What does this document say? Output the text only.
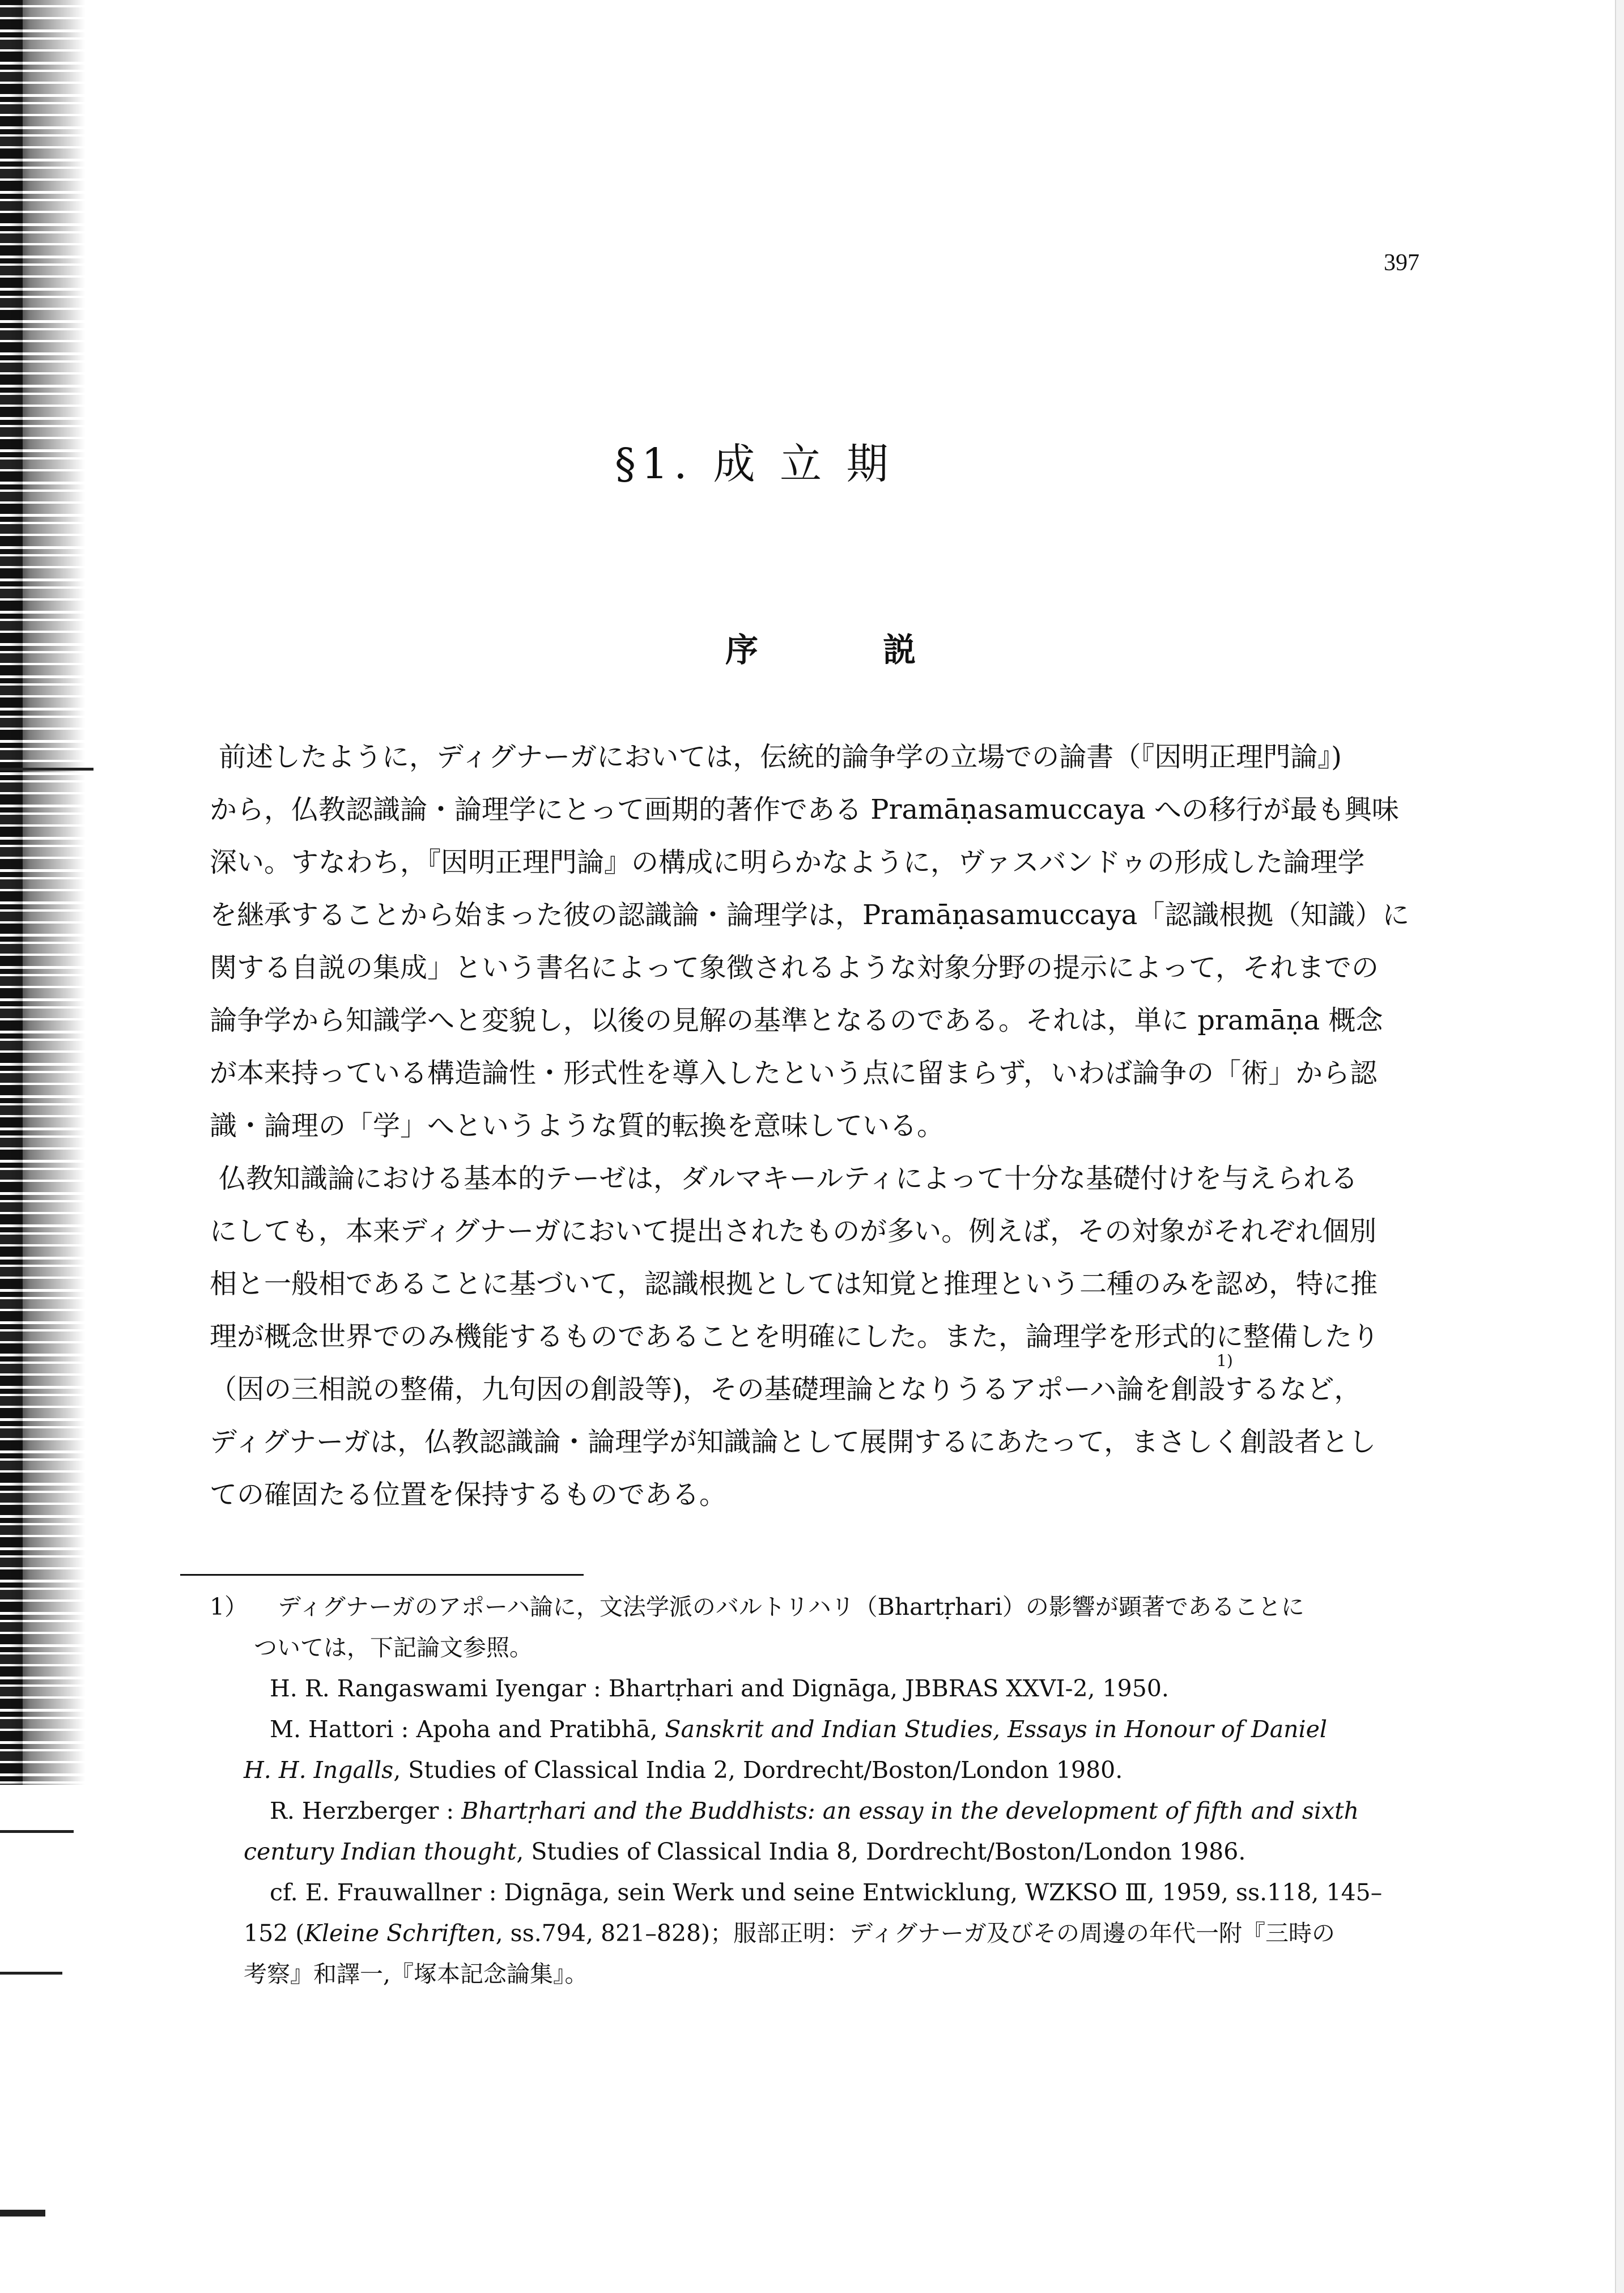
397
§1. 成 立 期
序 説
前述したように，ディグナーガにおいては，伝統的論争学の立場での論書（『因明正理門論』)
から，仏教認識論・論理学にとって画期的著作である Pramāṇasamuccaya への移行が最も興味
深い。すなわち，『因明正理門論』の構成に明らかなように，ヴァスバンドゥの形成した論理学
を継承することから始まった彼の認識論・論理学は，Pramāṇasamuccaya「認識根拠（知識）に
関する自説の集成」という書名によって象徴されるような対象分野の提示によって，それまでの
論争学から知識学へと変貌し，以後の見解の基準となるのである。それは，単に pramāṇa 概念
が本来持っている構造論性・形式性を導入したという点に留まらず，いわば論争の「術」から認
識・論理の「学」へというような質的転換を意味している。
仏教知識論における基本的テーゼは，ダルマキールティによって十分な基礎付けを与えられる
にしても，本来ディグナーガにおいて提出されたものが多い。例えば，その対象がそれぞれ個別
相と一般相であることに基づいて，認識根拠としては知覚と推理という二種のみを認め，特に推
理が概念世界でのみ機能するものであることを明確にした。また，論理学を形式的に整備したり
（因の三相説の整備，九句因の創設等)，その基礎理論となりうるアポーハ論を創設するなど，
ディグナーガは，仏教認識論・論理学が知識論として展開するにあたって，まさしく創設者とし
ての確固たる位置を保持するものである。
1)
1） ディグナーガのアポーハ論に，文法学派のバルトリハリ（Bhartṛhari）の影響が顕著であることに
ついては，下記論文参照。
H. R. Rangaswami Iyengar : Bhartṛhari and Dignāga, JBBRAS XXVI-2, 1950.
M. Hattori : Apoha and Pratibhā, Sanskrit and Indian Studies, Essays in Honour of Daniel
H. H. Ingalls, Studies of Classical India 2, Dordrecht/Boston/London 1980.
R. Herzberger : Bhartṛhari and the Buddhists: an essay in the development of fifth and sixth
century Indian thought, Studies of Classical India 8, Dordrecht/Boston/London 1986.
cf. E. Frauwallner : Dignāga, sein Werk und seine Entwicklung, WZKSO Ⅲ, 1959, ss.118, 145–
152 (Kleine Schriften, ss.794, 821–828)；服部正明：ディグナーガ及びその周邊の年代一附『三時の
考察』和譯一,『塚本記念論集』。
